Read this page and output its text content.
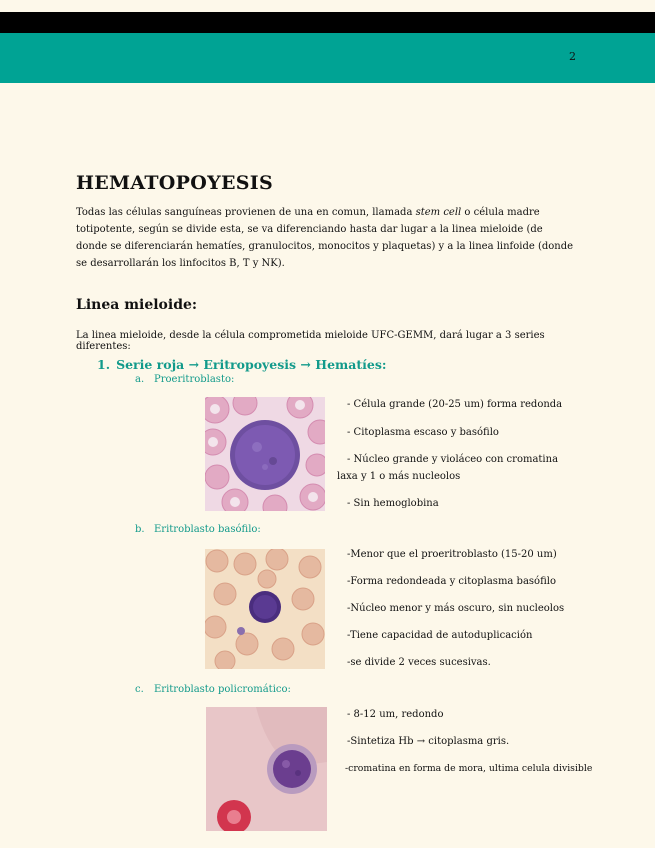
2
HEMATOPOYESIS

Todas las células sanguíneas provienen de una en comun, llamada stem cell o célula madre totipotente, según se divide esta, se va diferenciando hasta dar lugar a la linea mieloide (de donde se diferenciarán hematíes, granulocitos, monocitos y plaquetas) y a la linea linfoide (donde se desarrollarán los linfocitos B, T y NK).

Linea mieloide:

La linea mieloide, desde la célula comprometida mieloide UFC-GEMM, dará lugar a 3 series diferentes:

1. Serie roja → Eritropoyesis → Hematíes:

a. Proeritroblasto:

- Célula grande (20-25 um) forma redonda

- Citoplasma escaso y basófilo

- Núcleo grande y violáceo con cromatina laxa y 1 o más nucleolos

- Sin hemoglobina

b. Eritroblasto basófilo:

-Menor que el proeritroblasto (15-20 um)

-Forma redondeada y citoplasma basófilo

-Núcleo menor y más oscuro, sin nucleolos

-Tiene capacidad de autoduplicación

-se divide 2 veces sucesivas.

c. Eritroblasto policromático:

- 8-12 um, redondo

-Sintetiza Hb → citoplasma gris.

-cromatina en forma de mora, ultima celula divisible
